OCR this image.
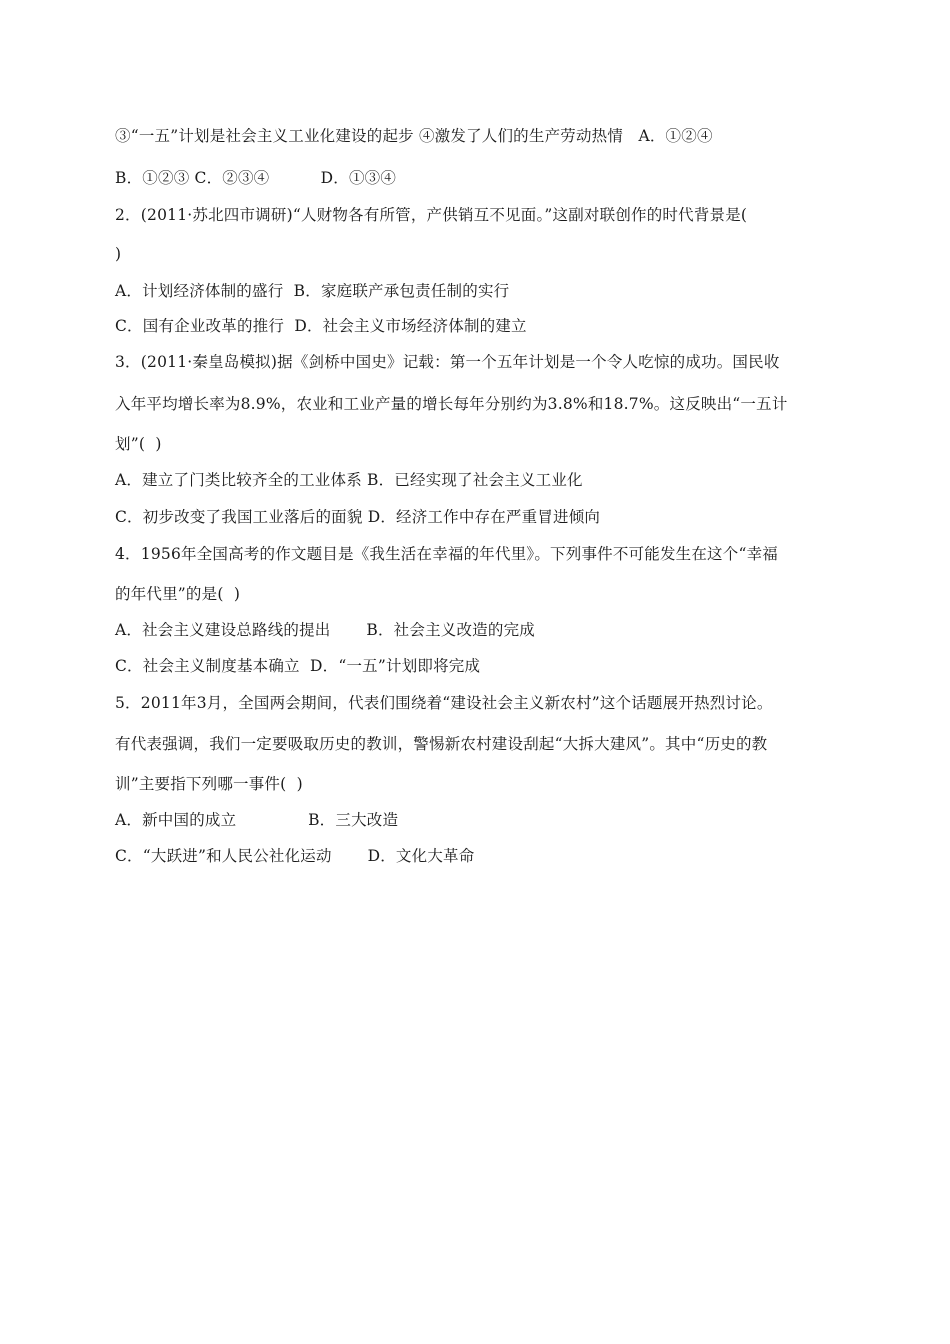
③“一五”计划是社会主义工业化建设的起步 ④激发了人们的生产劳动热情   A．①②④
B．①②③ C．②③④          D．①③④
2．(2011·苏北四市调研)“人财物各有所管，产供销互不见面。”这副对联创作的时代背景是(
)
A．计划经济体制的盛行  B．家庭联产承包责任制的实行
C．国有企业改革的推行  D．社会主义市场经济体制的建立
3．(2011·秦皇岛模拟)据《剑桥中国史》记载：第一个五年计划是一个令人吃惊的成功。国民收
入年平均增长率为8.9%，农业和工业产量的增长每年分别约为3.8%和18.7%。这反映出“一五计
划”(  )
A．建立了门类比较齐全的工业体系 B．已经实现了社会主义工业化
C．初步改变了我国工业落后的面貌 D．经济工作中存在严重冒进倾向
4．1956年全国高考的作文题目是《我生活在幸福的年代里》。下列事件不可能发生在这个“幸福
的年代里”的是(  )
A．社会主义建设总路线的提出       B．社会主义改造的完成
C．社会主义制度基本确立  D．“一五”计划即将完成
5．2011年3月，全国两会期间，代表们围绕着“建设社会主义新农村”这个话题展开热烈讨论。
有代表强调，我们一定要吸取历史的教训，警惕新农村建设刮起“大拆大建风”。其中“历史的教
训”主要指下列哪一事件(  )
A．新中国的成立              B．三大改造
C．“大跃进”和人民公社化运动       D．文化大革命
